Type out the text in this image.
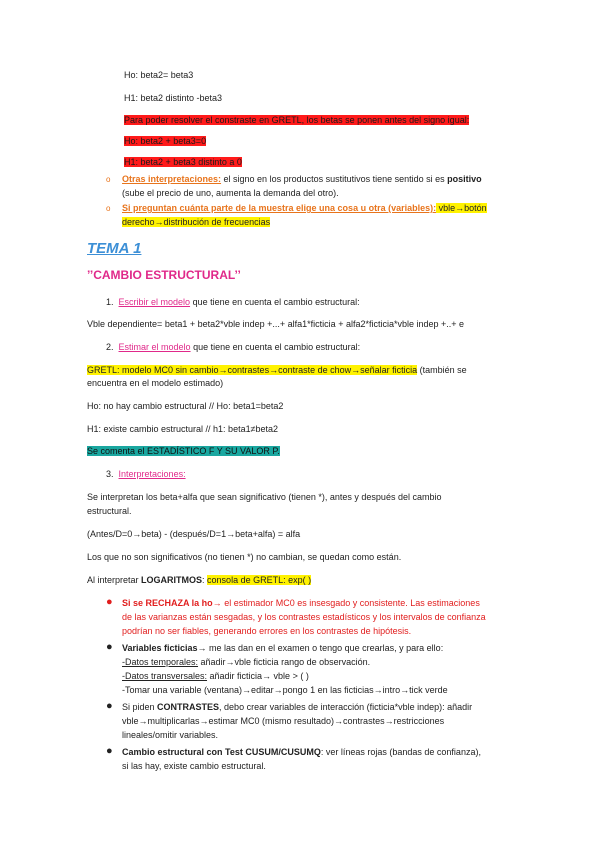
Ho: beta2= beta3
H1: beta2 distinto -beta3
Para poder resolver el constraste en GRETL, los betas se ponen antes del signo igual:
Ho: beta2 + beta3=0
H1: beta2 + beta3 distinto a 0
o Otras interpretaciones: el signo en los productos sustitutivos tiene sentido si es positivo
(sube el precio de uno, aumenta la demanda del otro).
o Si preguntan cuánta parte de la muestra elige una cosa u otra (variables): vble→botón
derecho→distribución de frecuencias
TEMA 1
’’CAMBIO ESTRUCTURAL’’
1. Escribir el modelo que tiene en cuenta el cambio estructural:
Vble dependiente= beta1 + beta2*vble indep +...+ alfa1*ficticia + alfa2*ficticia*vble indep +..+ e
2. Estimar el modelo que tiene en cuenta el cambio estructural:
GRETL: modelo MC0 sin cambio→contrastes→contraste de chow→señalar ficticia (también se
encuentra en el modelo estimado)
Ho: no hay cambio estructural // Ho: beta1=beta2
H1: existe cambio estructural // h1: beta1≠beta2
Se comenta el ESTADÍSTICO F Y SU VALOR P.
3. Interpretaciones:
Se interpretan los beta+alfa que sean significativo (tienen *), antes y después del cambio
estructural.
(Antes/D=0→beta) - (después/D=1→beta+alfa) = alfa
Los que no son significativos (no tienen *) no cambian, se quedan como están.
Al interpretar LOGARITMOS: consola de GRETL: exp( )
● Si se RECHAZA la ho→ el estimador MC0 es insesgado y consistente. Las estimaciones
de las varianzas están sesgadas, y los contrastes estadísticos y los intervalos de confianza
podrían no ser fiables, generando errores en los contrastes de hipótesis.
● Variables ficticias→ me las dan en el examen o tengo que crearlas, y para ello:
-Datos temporales: añadir→vble ficticia rango de observación.
-Datos transversales: añadir ficticia→ vble > ( )
-Tomar una variable (ventana)→editar→pongo 1 en las ficticias→intro→tick verde
● Si piden CONTRASTES, debo crear variables de interacción (ficticia*vble indep): añadir
vble→multiplicarlas→estimar MC0 (mismo resultado)→contrastes→restricciones
lineales/omitir variables.
● Cambio estructural con Test CUSUM/CUSUMQ: ver líneas rojas (bandas de confianza),
si las hay, existe cambio estructural.
